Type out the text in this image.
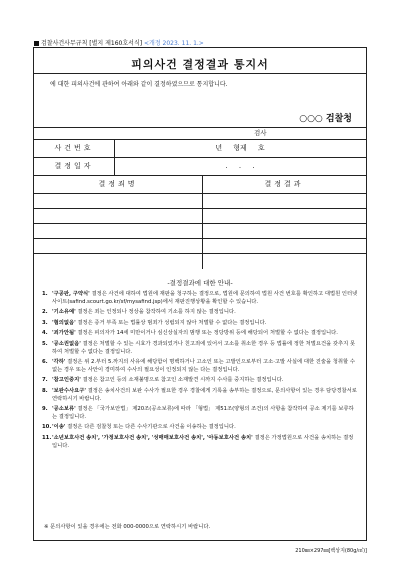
검찰사건사무규칙 [별지 제160호서식] <개정 2023. 11. 1.>
피의사건 결정결과 통지서
에 대한 피의사건에 관하여 아래와 같이 결정하였으므로 통지합니다.
○○○ 검찰청
검사
사건번호	년     형제     호
결정일자	.     .     .
결정죄명	결정결과
-결정결과에 대한 안내-
1. '구공판, 구약식' 결정은 사건에 대하여 법원에 재판을 청구하는 결정으로, 법원에 문의하여 법원 사건 번호를 확인하고 대법원 인터넷 사이트(safind.scourt.go.kr/sf/mysafind.jsp)에서 재판진행상황을 확인할 수 있습니다.
2. '기소유예' 결정은 죄는 인정되나 정상을 참작하여 기소를 하지 않는 결정입니다.
3. '혐의없음' 결정은 증거 부족 또는 법률상 범죄가 성립되지 않아 처벌할 수 없다는 결정입니다.
4. '죄가안됨' 결정은 피의자가 14세 미만이거나 심신상실자의 범행 또는 정당방위 등에 해당되어 처벌할 수 없다는 결정입니다.
5. '공소권없음' 결정은 처벌할 수 있는 시효가 경과되었거나 친고죄에 있어서 고소를 취소한 경우 등 법률에 정한 처벌요건을 갖추지 못하여 처벌할 수 없다는 결정입니다.
6. '각하' 결정은 위 2.부터 5.까지의 사유에 해당함이 명백하거나 고소인 또는 고발인으로부터 고소·고발 사실에 대한 진술을 청취할 수 없는 경우 또는 사안이 경미하여 수사의 필요성이 인정되지 않는 다는 결정입니다.
7. '참고인중지' 결정은 참고인 등의 소재불명으로 참고인 소재발견 시까지 수사를 중지하는 결정입니다.
8. '보완수사요구' 결정은 송치사건의 보완 수사가 필요한 경우 경찰에게 기록을 송부하는 결정으로, 문의사항이 있는 경우 담당경찰서로 연락하시기 바랍니다.
9. '공소보류' 결정은 「국가보안법」 제20조(공소보류)에 따라 「형법」 제51조(양형의 조건)의 사항을 참작하여 공소 제기를 보류하는 결정입니다.
10. '이송' 결정은 다른 검찰청 또는 다른 수사기관으로 사건을 이송하는 결정입니다.
11. '소년보호사건 송치', '가정보호사건 송치', '성매매보호사건 송치', '아동보호사건 송치' 결정은 가정법원으로 사건을 송치하는 결정입니다.
※ 문의사항이 있을 경우에는 전화 000-0000으로 연락하시기 바랍니다.
210㎜×297㎜[백상지(80g/㎡)]
